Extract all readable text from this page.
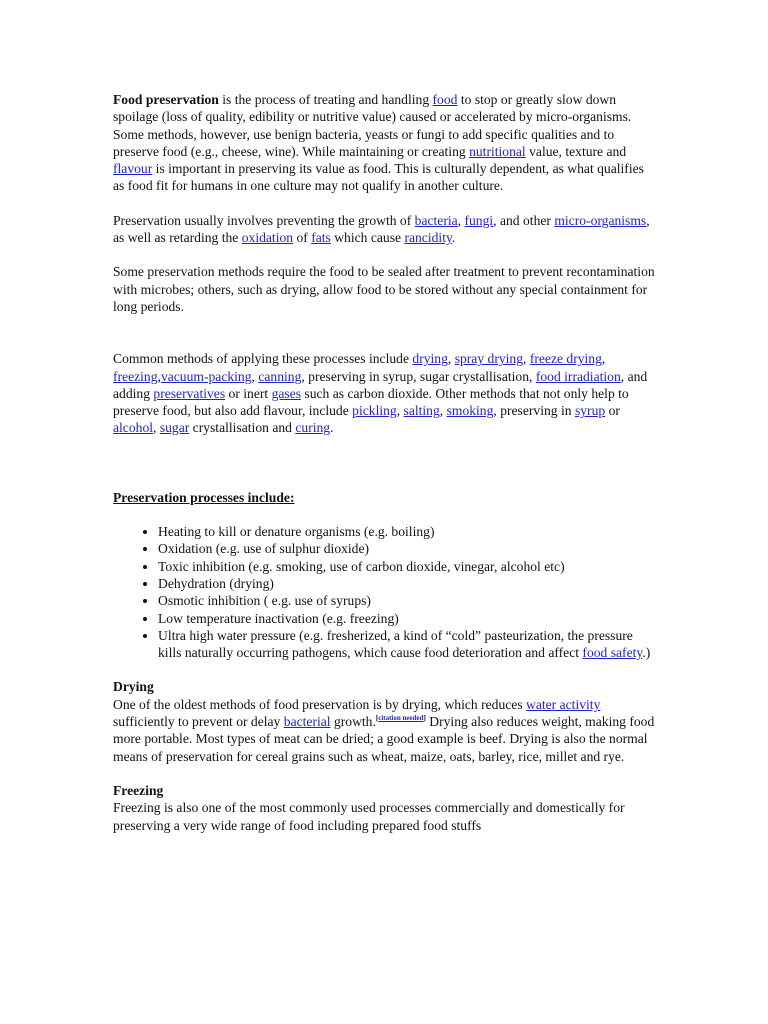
Food preservation is the process of treating and handling food to stop or greatly slow down spoilage (loss of quality, edibility or nutritive value) caused or accelerated by micro-organisms. Some methods, however, use benign bacteria, yeasts or fungi to add specific qualities and to preserve food (e.g., cheese, wine). While maintaining or creating nutritional value, texture and flavour is important in preserving its value as food. This is culturally dependent, as what qualifies as food fit for humans in one culture may not qualify in another culture.

Preservation usually involves preventing the growth of bacteria, fungi, and other micro-organisms, as well as retarding the oxidation of fats which cause rancidity.

Some preservation methods require the food to be sealed after treatment to prevent recontamination with microbes; others, such as drying, allow food to be stored without any special containment for long periods.

Common methods of applying these processes include drying, spray drying, freeze drying, freezing,vacuum-packing, canning, preserving in syrup, sugar crystallisation, food irradiation, and adding preservatives or inert gases such as carbon dioxide. Other methods that not only help to preserve food, but also add flavour, include pickling, salting, smoking, preserving in syrup or alcohol, sugar crystallisation and curing.

Preservation processes include:

• Heating to kill or denature organisms (e.g. boiling)
• Oxidation (e.g. use of sulphur dioxide)
• Toxic inhibition (e.g. smoking, use of carbon dioxide, vinegar, alcohol etc)
• Dehydration (drying)
• Osmotic inhibition ( e.g. use of syrups)
• Low temperature inactivation (e.g. freezing)
• Ultra high water pressure (e.g. fresherized, a kind of “cold” pasteurization, the pressure kills naturally occurring pathogens, which cause food deterioration and affect food safety.)

Drying

One of the oldest methods of food preservation is by drying, which reduces water activity sufficiently to prevent or delay bacterial growth.[citation needed] Drying also reduces weight, making food more portable. Most types of meat can be dried; a good example is beef. Drying is also the normal means of preservation for cereal grains such as wheat, maize, oats, barley, rice, millet and rye.

Freezing

Freezing is also one of the most commonly used processes commercially and domestically for preserving a very wide range of food including prepared food stuffs
